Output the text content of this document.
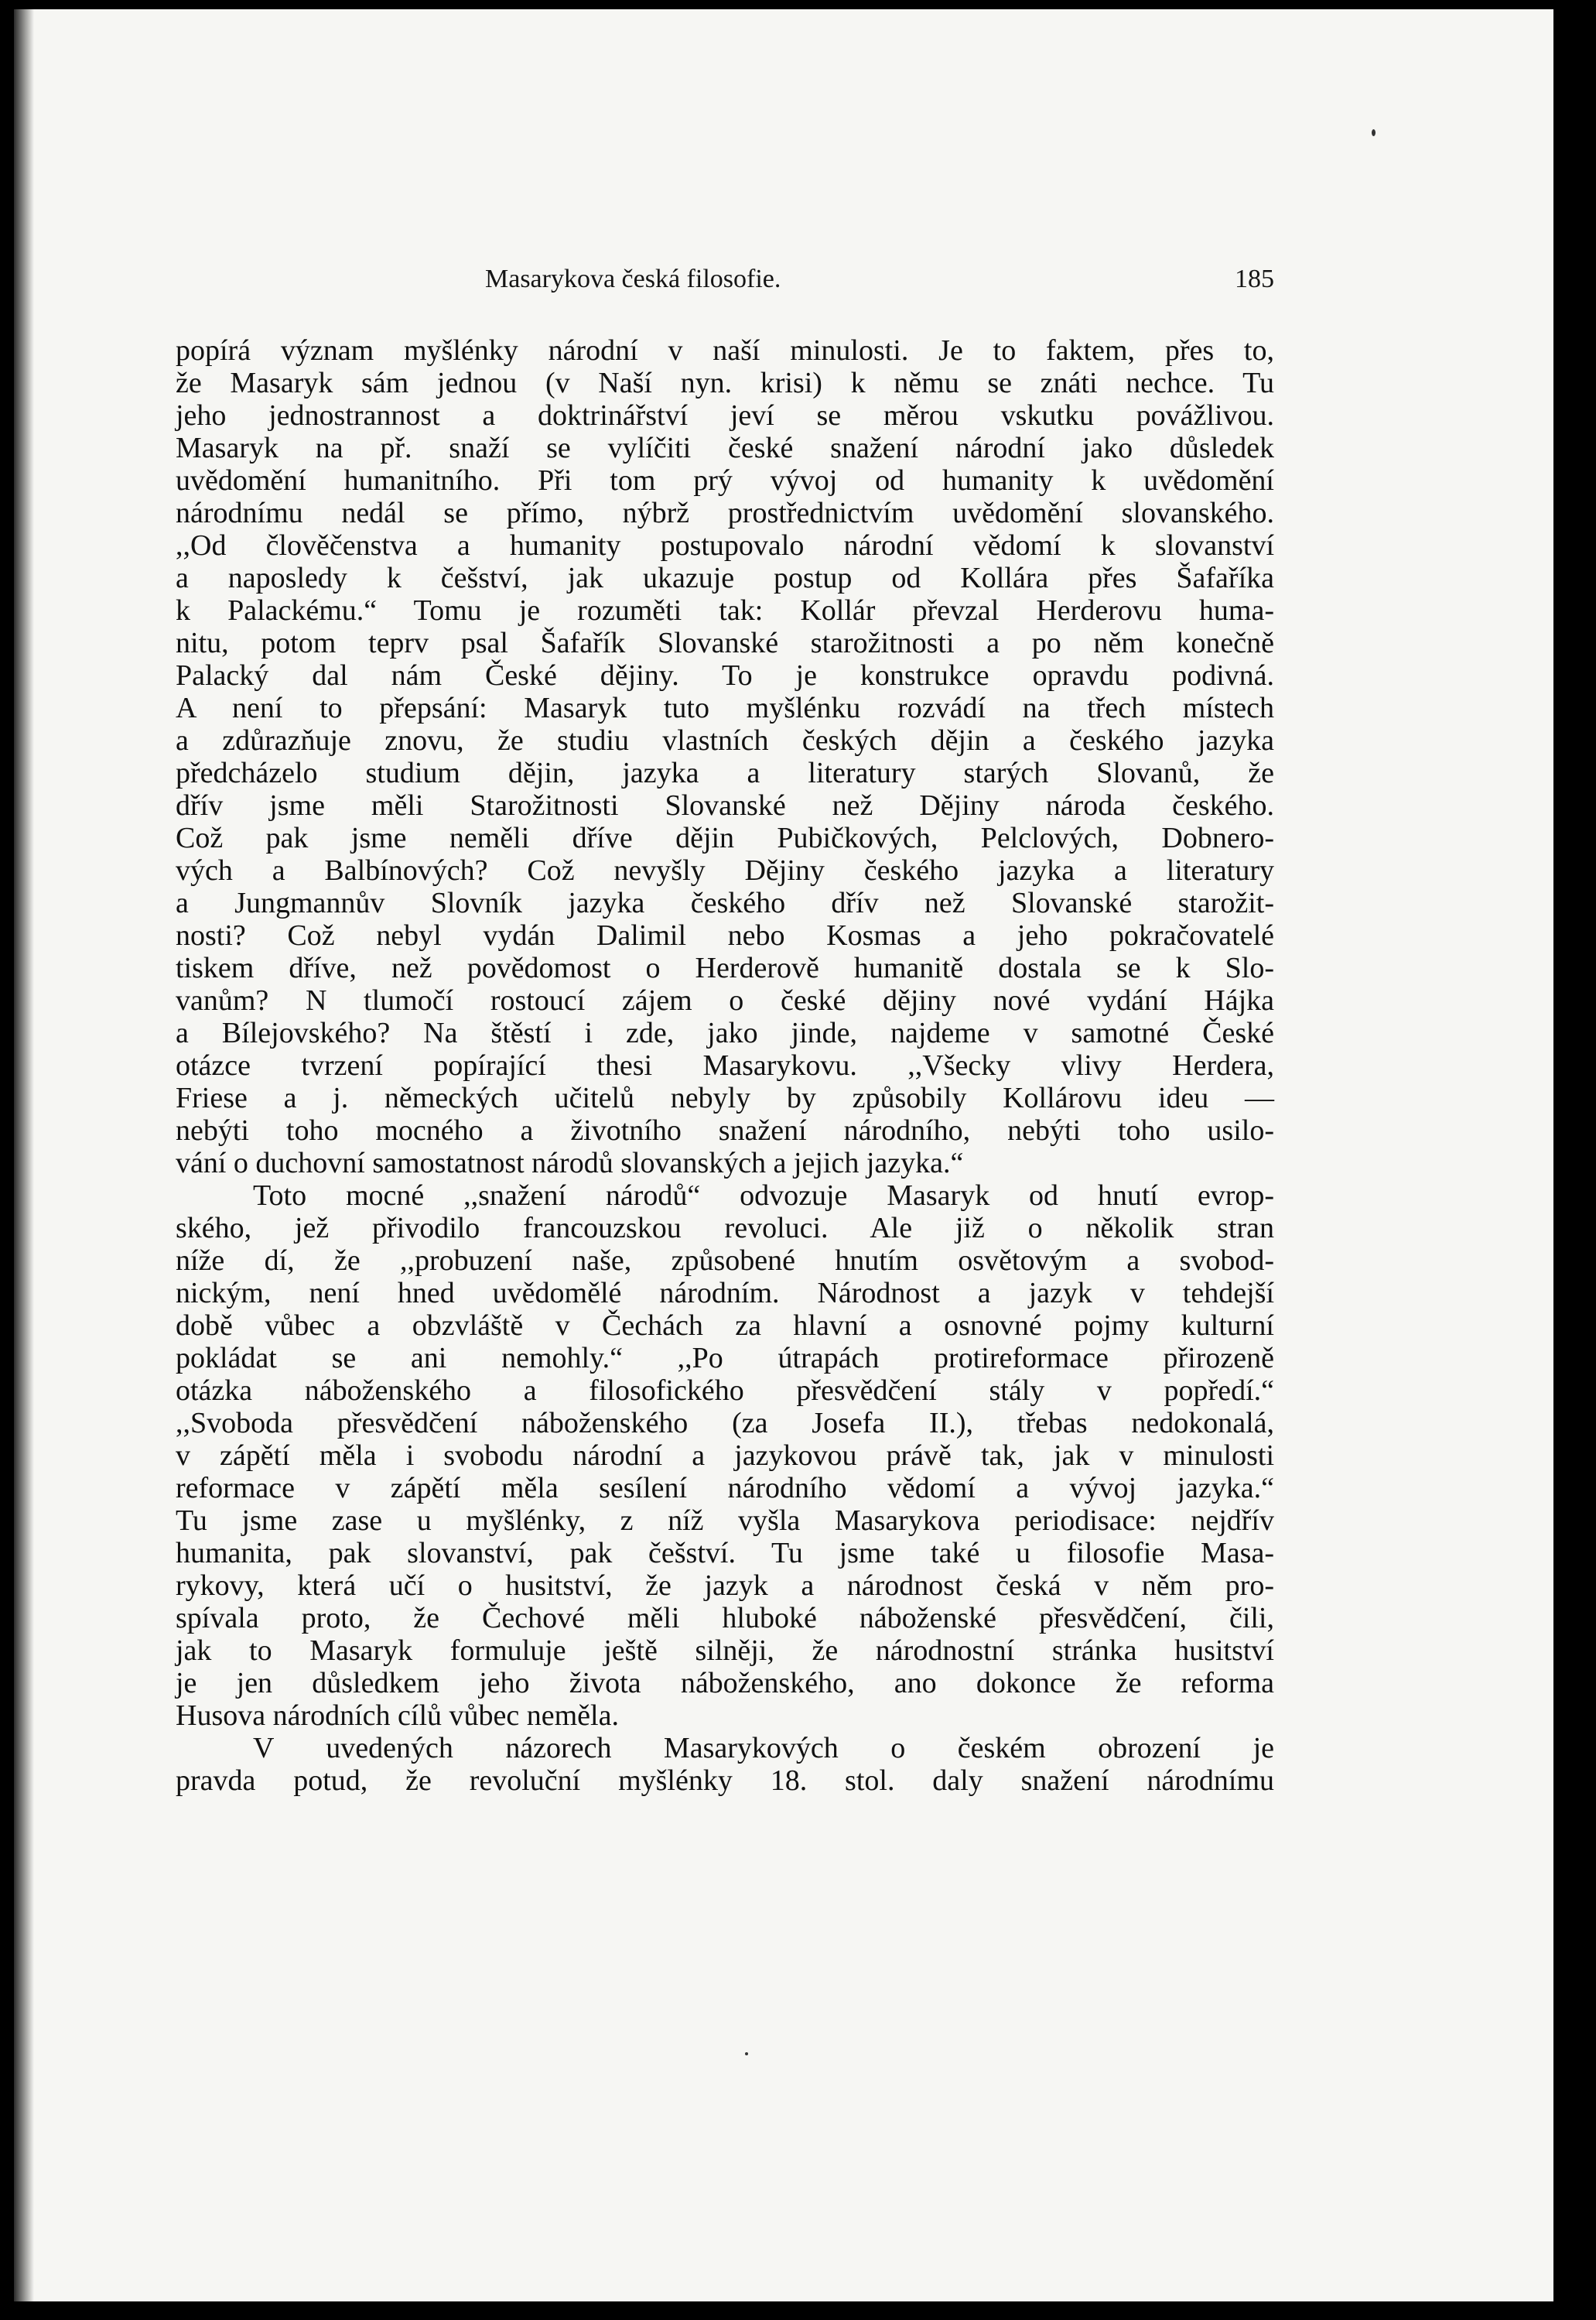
Masarykova česká filosofie.	185
popírá význam myšlénky národní v naší minulosti. Je to faktem, přes to,
že Masaryk sám jednou (v Naší nyn. krisi) k němu se znáti nechce. Tu
jeho jednostrannost a doktrinářství jeví se měrou vskutku povážlivou.
Masaryk na př. snaží se vylíčiti české snažení národní jako důsledek
uvědomění humanitního. Při tom prý vývoj od humanity k uvědomění
národnímu nedál se přímo, nýbrž prostřednictvím uvědomění slovanského.
,,Od člověčenstva a humanity postupovalo národní vědomí k slovanství
a naposledy k češství, jak ukazuje postup od Kollára přes Šafaříka
k Palackému.“ Tomu je rozuměti tak: Kollár převzal Herderovu huma-
nitu, potom teprv psal Šafařík Slovanské starožitnosti a po něm konečně
Palacký dal nám České dějiny. To je konstrukce opravdu podivná.
A není to přepsání: Masaryk tuto myšlénku rozvádí na třech místech
a zdůrazňuje znovu, že studiu vlastních českých dějin a českého jazyka
předcházelo studium dějin, jazyka a literatury starých Slovanů, že
dřív jsme měli Starožitnosti Slovanské než Dějiny národa českého.
Což pak jsme neměli dříve dějin Pubičkových, Pelclových, Dobnero-
vých a Balbínových? Což nevyšly Dějiny českého jazyka a literatury
a Jungmannův Slovník jazyka českého dřív než Slovanské starožit-
nosti? Což nebyl vydán Dalimil nebo Kosmas a jeho pokračovatelé
tiskem dříve, než povědomost o Herderově humanitě dostala se k Slo-
vanům? N tlumočí rostoucí zájem o české dějiny nové vydání Hájka
a Bílejovského? Na štěstí i zde, jako jinde, najdeme v samotné České
otázce tvrzení popírající thesi Masarykovu. ,,Všecky vlivy Herdera,
Friese a j. německých učitelů nebyly by způsobily Kollárovu ideu —
nebýti toho mocného a životního snažení národního, nebýti toho usilo-
vání o duchovní samostatnost národů slovanských a jejich jazyka.“
Toto mocné ,,snažení národů“ odvozuje Masaryk od hnutí evrop-
ského, jež přivodilo francouzskou revoluci. Ale již o několik stran
níže dí, že ,,probuzení naše, způsobené hnutím osvětovým a svobod-
nickým, není hned uvědomělé národním. Národnost a jazyk v tehdejší
době vůbec a obzvláště v Čechách za hlavní a osnovné pojmy kulturní
pokládat se ani nemohly.“ ,,Po útrapách protireformace přirozeně
otázka náboženského a filosofického přesvědčení stály v popředí.“
,,Svoboda přesvědčení náboženského (za Josefa II.), třebas nedokonalá,
v zápětí měla i svobodu národní a jazykovou právě tak, jak v minulosti
reformace v zápětí měla sesílení národního vědomí a vývoj jazyka.“
Tu jsme zase u myšlénky, z níž vyšla Masarykova periodisace: nejdřív
humanita, pak slovanství, pak češství. Tu jsme také u filosofie Masa-
rykovy, která učí o husitství, že jazyk a národnost česká v něm pro-
spívala proto, že Čechové měli hluboké náboženské přesvědčení, čili,
jak to Masaryk formuluje ještě silněji, že národnostní stránka husitství
je jen důsledkem jeho života náboženského, ano dokonce že reforma
Husova národních cílů vůbec neměla.
V uvedených názorech Masarykových o českém obrození je
pravda potud, že revoluční myšlénky 18. stol. daly snažení národnímu
